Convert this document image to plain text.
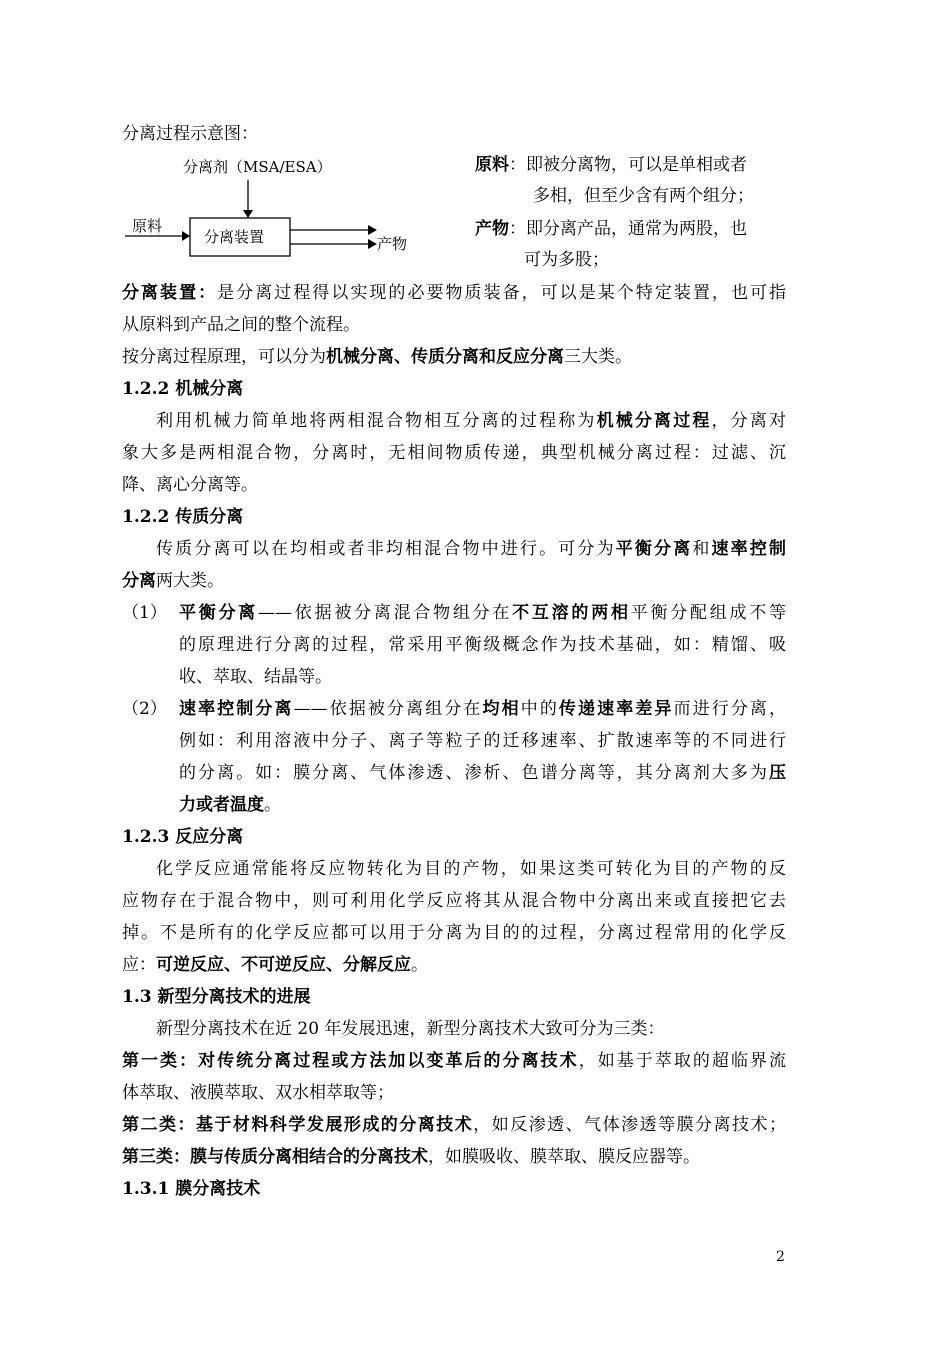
分离过程示意图：
分离剂（MSA/ESA）
原料
分离装置	产物
原料：即被分离物，可以是单相或者
多相，但至少含有两个组分；
产物：即分离产品，通常为两股，也
可为多股；
分离装置：是分离过程得以实现的必要物质装备，可以是某个特定装置，也可指
从原料到产品之间的整个流程。
按分离过程原理，可以分为机械分离、传质分离和反应分离三大类。
1.2.2 机械分离
利用机械力简单地将两相混合物相互分离的过程称为机械分离过程，分离对
象大多是两相混合物，分离时，无相间物质传递，典型机械分离过程：过滤、沉
降、离心分离等。
1.2.2 传质分离
传质分离可以在均相或者非均相混合物中进行。可分为平衡分离和速率控制
分离两大类。
（1） 平衡分离——依据被分离混合物组分在不互溶的两相平衡分配组成不等
的原理进行分离的过程，常采用平衡级概念作为技术基础，如：精馏、吸
收、萃取、结晶等。
（2） 速率控制分离——依据被分离组分在均相中的传递速率差异而进行分离，
例如：利用溶液中分子、离子等粒子的迁移速率、扩散速率等的不同进行
的分离。如：膜分离、气体渗透、渗析、色谱分离等，其分离剂大多为压
力或者温度。
1.2.3 反应分离
化学反应通常能将反应物转化为目的产物，如果这类可转化为目的产物的反
应物存在于混合物中，则可利用化学反应将其从混合物中分离出来或直接把它去
掉。不是所有的化学反应都可以用于分离为目的的过程，分离过程常用的化学反
应：可逆反应、不可逆反应、分解反应。
1.3 新型分离技术的进展
新型分离技术在近 20 年发展迅速，新型分离技术大致可分为三类：
第一类：对传统分离过程或方法加以变革后的分离技术，如基于萃取的超临界流
体萃取、液膜萃取、双水相萃取等；
第二类：基于材料科学发展形成的分离技术，如反渗透、气体渗透等膜分离技术；
第三类：膜与传质分离相结合的分离技术，如膜吸收、膜萃取、膜反应器等。
1.3.1 膜分离技术
2
